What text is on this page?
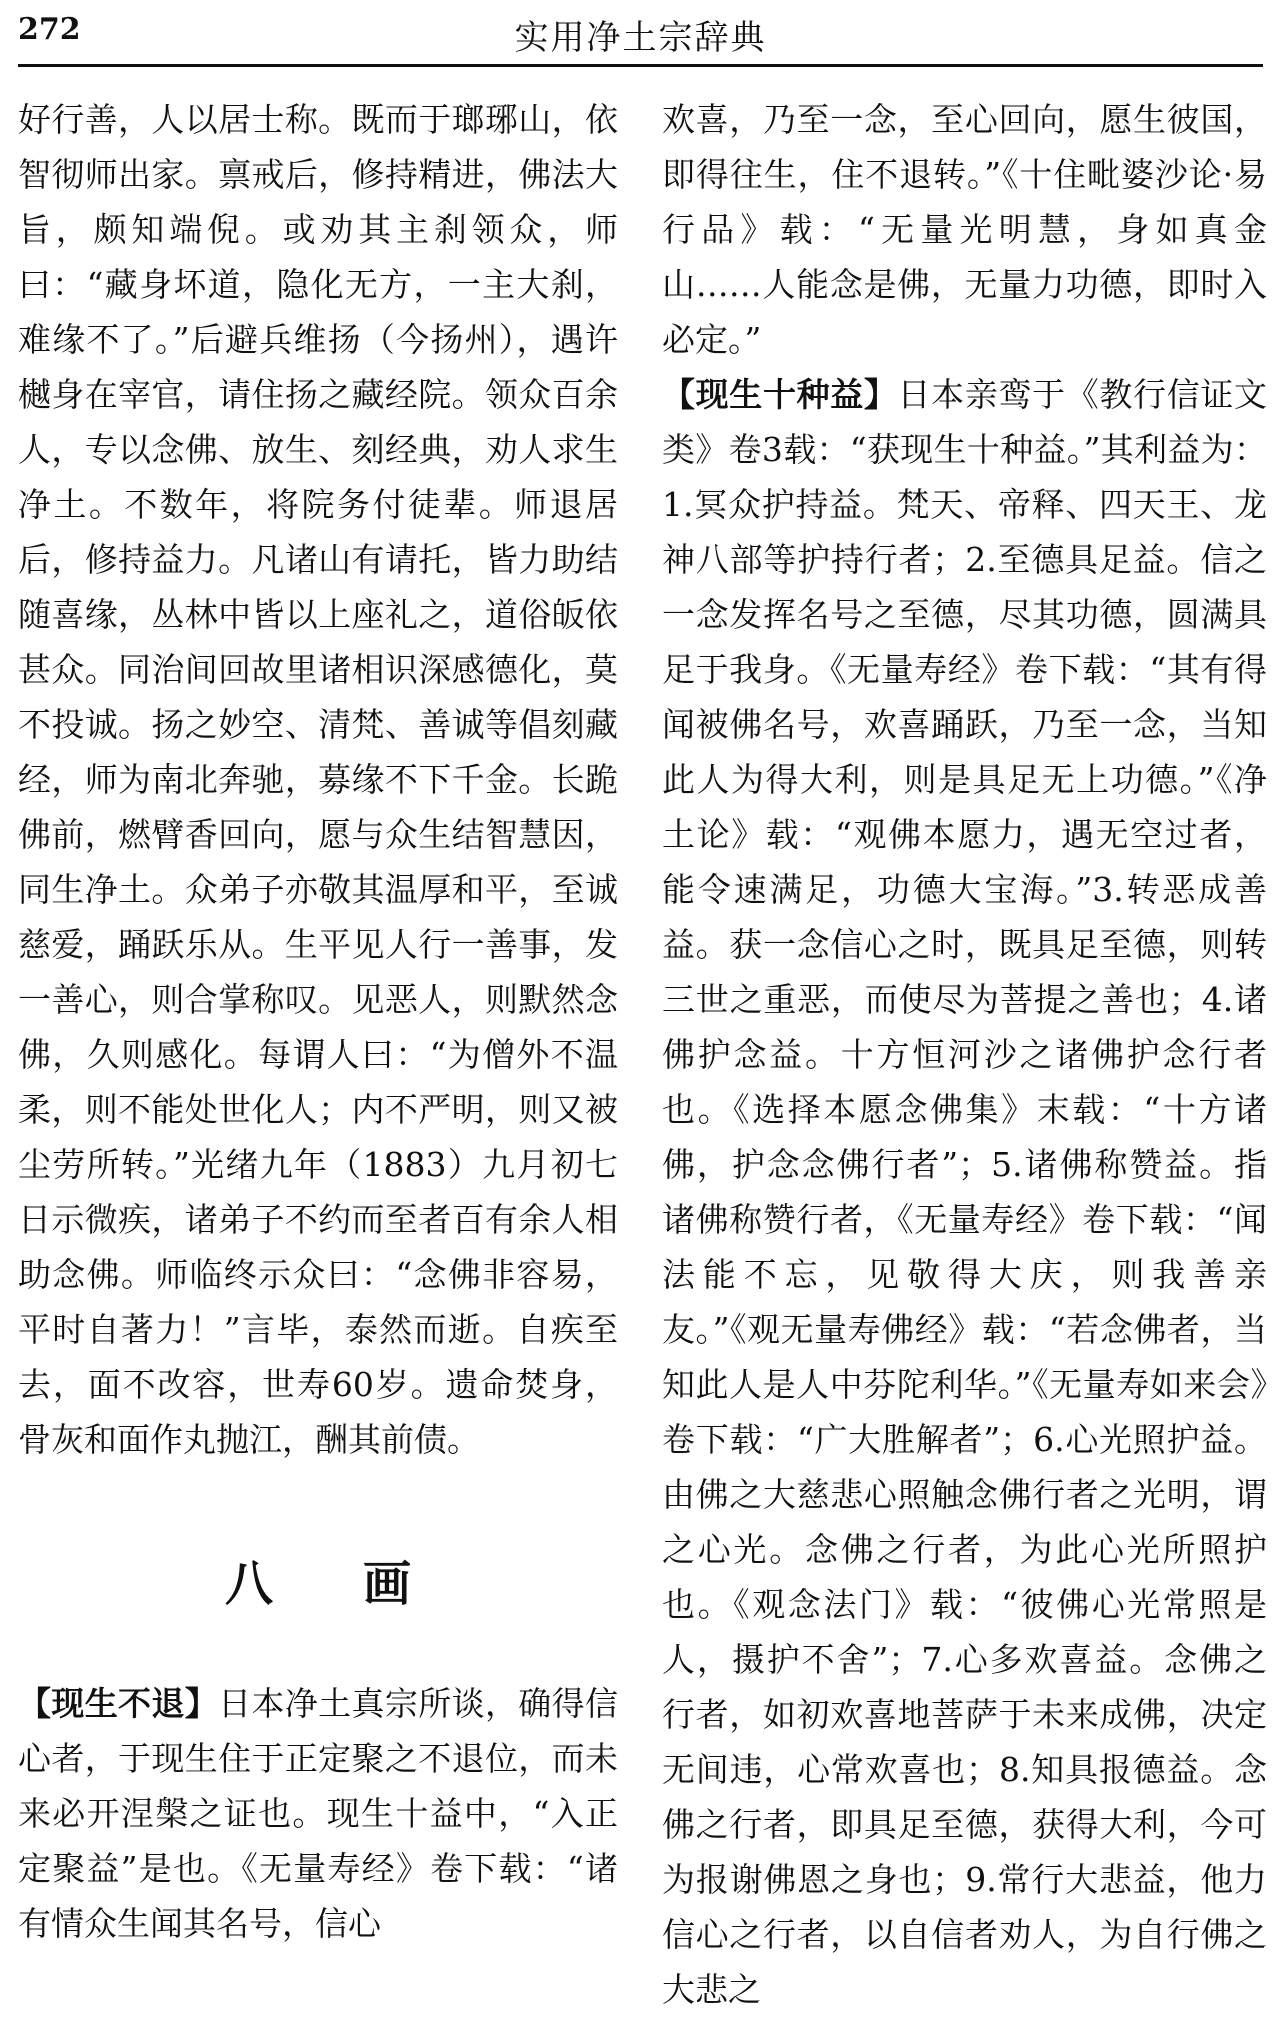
272	实用净土宗辞典

好行善，人以居士称。既而于瑯琊山，依智彻师出家。禀戒后，修持精进，佛法大旨，颇知端倪。或劝其主刹领众，师曰：“藏身坏道，隐化无方，一主大刹，难缘不了。”后避兵维扬（今扬州），遇许樾身在宰官，请住扬之藏经院。领众百余人，专以念佛、放生、刻经典，劝人求生净土。不数年，将院务付徒辈。师退居后，修持益力。凡诸山有请托，皆力助结随喜缘，丛林中皆以上座礼之，道俗皈依甚众。同治间回故里诸相识深感德化，莫不投诚。扬之妙空、清梵、善诚等倡刻藏经，师为南北奔驰，募缘不下千金。长跪佛前，燃臂香回向，愿与众生结智慧因，同生净土。众弟子亦敬其温厚和平，至诚慈爱，踊跃乐从。生平见人行一善事，发一善心，则合掌称叹。见恶人，则默然念佛，久则感化。每谓人曰：“为僧外不温柔，则不能处世化人；内不严明，则又被尘劳所转。”光绪九年（1883）九月初七日示微疾，诸弟子不约而至者百有余人相助念佛。师临终示众曰：“念佛非容易，平时自著力！”言毕，泰然而逝。自疾至去，面不改容，世寿60岁。遗命焚身，骨灰和面作丸抛江，酬其前债。

八画

【现生不退】日本净土真宗所谈，确得信心者，于现生住于正定聚之不退位，而未来必开涅槃之证也。现生十益中，“入正定聚益”是也。《无量寿经》卷下载：“诸有情众生闻其名号，信心

欢喜，乃至一念，至心回向，愿生彼国，即得往生，住不退转。”《十住毗婆沙论·易行品》载：“无量光明慧，身如真金山……人能念是佛，无量力功德，即时入必定。”

【现生十种益】日本亲鸾于《教行信证文类》卷3载：“获现生十种益。”其利益为：1.冥众护持益。梵天、帝释、四天王、龙神八部等护持行者；2.至德具足益。信之一念发挥名号之至德，尽其功德，圆满具足于我身。《无量寿经》卷下载：“其有得闻被佛名号，欢喜踊跃，乃至一念，当知此人为得大利，则是具足无上功德。”《净土论》载：“观佛本愿力，遇无空过者，能令速满足，功德大宝海。”3.转恶成善益。获一念信心之时，既具足至德，则转三世之重恶，而使尽为菩提之善也；4.诸佛护念益。十方恒河沙之诸佛护念行者也。《选择本愿念佛集》末载：“十方诸佛，护念念佛行者”；5.诸佛称赞益。指诸佛称赞行者，《无量寿经》卷下载：“闻法能不忘，见敬得大庆，则我善亲友。”《观无量寿佛经》载：“若念佛者，当知此人是人中芬陀利华。”《无量寿如来会》卷下载：“广大胜解者”；6.心光照护益。由佛之大慈悲心照触念佛行者之光明，谓之心光。念佛之行者，为此心光所照护也。《观念法门》载：“彼佛心光常照是人，摄护不舍”；7.心多欢喜益。念佛之行者，如初欢喜地菩萨于未来成佛，决定无间违，心常欢喜也；8.知具报德益。念佛之行者，即具足至德，获得大利，今可为报谢佛恩之身也；9.常行大悲益，他力信心之行者，以自信者劝人，为自行佛之大悲之
